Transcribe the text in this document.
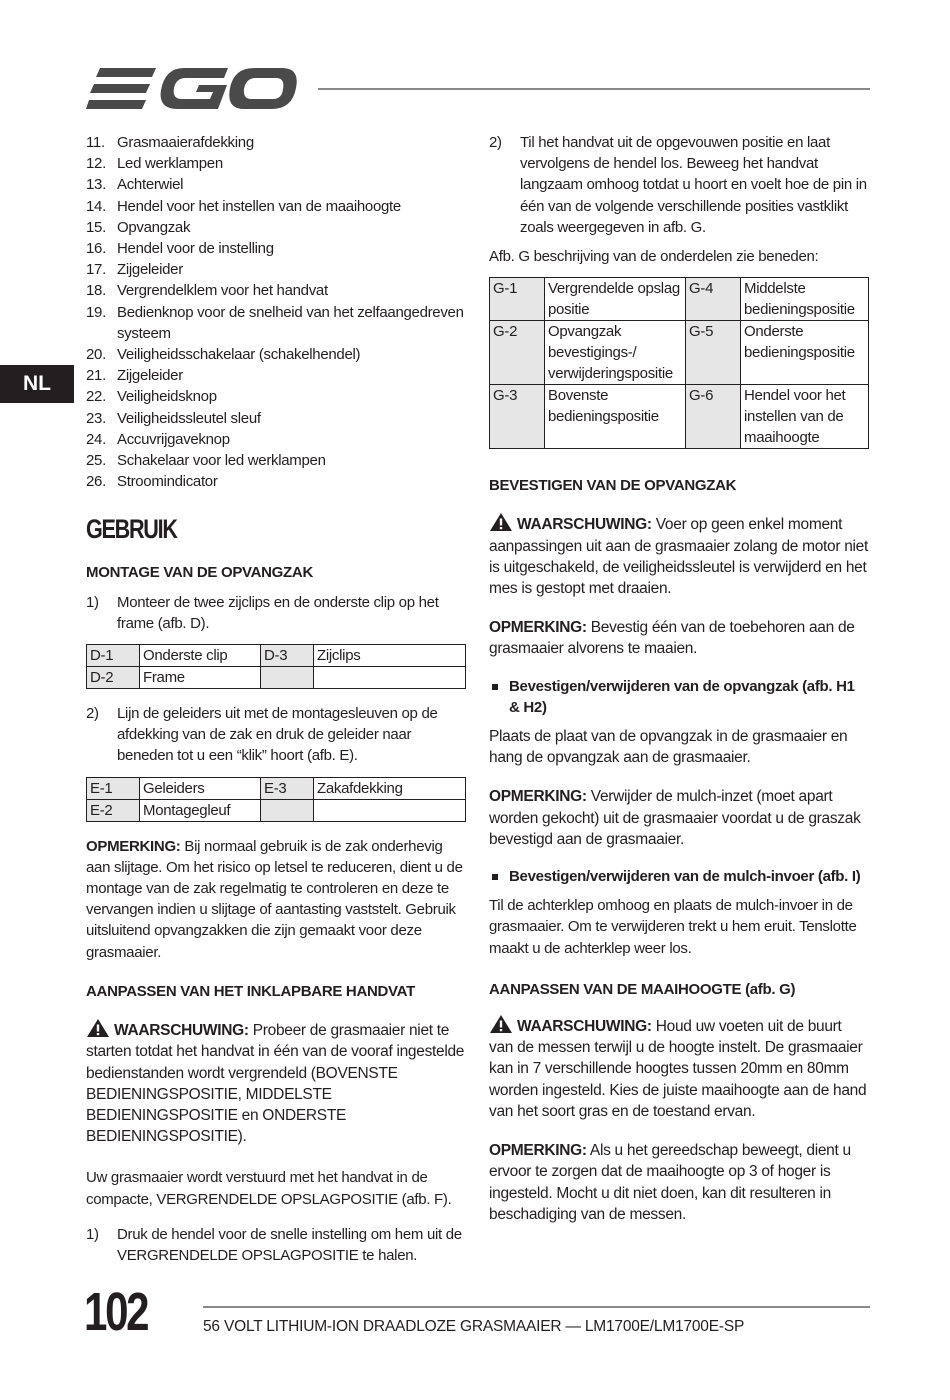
NL
11. Grasmaaierafdekking
12. Led werklampen
13. Achterwiel
14. Hendel voor het instellen van de maaihoogte
15. Opvangzak
16. Hendel voor de instelling
17. Zijgeleider
18. Vergrendelklem voor het handvat
19. Bedienknop voor de snelheid van het zelfaangedreven systeem
20. Veiligheidsschakelaar (schakelhendel)
21. Zijgeleider
22. Veiligheidsknop
23. Veiligheidssleutel sleuf
24. Accuvrijgaveknop
25. Schakelaar voor led werklampen
26. Stroomindicator
GEBRUIK
MONTAGE VAN DE OPVANGZAK
1)	Monteer de twee zijclips en de onderste clip op het frame (afb. D).
D-1	Onderste clip	D-3	Zijclips
D-2	Frame		
2)	Lijn de geleiders uit met de montagesleuven op de afdekking van de zak en druk de geleider naar beneden tot u een “klik” hoort (afb. E).
E-1	Geleiders	E-3	Zakafdekking
E-2	Montagegleuf		

OPMERKING: Bij normaal gebruik is de zak onderhevig aan slijtage. Om het risico op letsel te reduceren, dient u de montage van de zak regelmatig te controleren en deze te vervangen indien u slijtage of aantasting vaststelt. Gebruik uitsluitend opvangzakken die zijn gemaakt voor deze grasmaaier.

AANPASSEN VAN HET INKLAPBARE HANDVAT

WAARSCHUWING: Probeer de grasmaaier niet te starten totdat het handvat in één van de vooraf ingestelde bedienstanden wordt vergrendeld (BOVENSTE BEDIENINGSPOSITIE, MIDDELSTE BEDIENINGSPOSITIE en ONDERSTE BEDIENINGSPOSITIE).

Uw grasmaaier wordt verstuurd met het handvat in de compacte, VERGRENDELDE OPSLAGPOSITIE (afb. F).

1)	Druk de hendel voor de snelle instelling om hem uit de VERGRENDELDE OPSLAGPOSITIE te halen.
2)	Til het handvat uit de opgevouwen positie en laat vervolgens de hendel los. Beweeg het handvat langzaam omhoog totdat u hoort en voelt hoe de pin in één van de volgende verschillende posities vastklikt zoals weergegeven in afb. G.

Afb. G beschrijving van de onderdelen zie beneden:

G-1	Vergrendelde opslag positie	G-4	Middelste bedieningspositie
G-2	Opvangzak bevestigings-/ verwijderingspositie	G-5	Onderste bedieningspositie
G-3	Bovenste bedieningspositie	G-6	Hendel voor het instellen van de maaihoogte
BEVESTIGEN VAN DE OPVANGZAK

WAARSCHUWING: Voer op geen enkel moment aanpassingen uit aan de grasmaaier zolang de motor niet is uitgeschakeld, de veiligheidssleutel is verwijderd en het mes is gestopt met draaien.

OPMERKING: Bevestig één van de toebehoren aan de grasmaaier alvorens te maaien.

Bevestigen/verwijderen van de opvangzak (afb. H1 & H2)

Plaats de plaat van de opvangzak in de grasmaaier en hang de opvangzak aan de grasmaaier.

OPMERKING: Verwijder de mulch-inzet (moet apart worden gekocht) uit de grasmaaier voordat u de graszak bevestigd aan de grasmaaier.

Bevestigen/verwijderen van de mulch-invoer (afb. I)

Til de achterklep omhoog en plaats de mulch-invoer in de grasmaaier. Om te verwijderen trekt u hem eruit. Tenslotte maakt u de achterklep weer los.

AANPASSEN VAN DE MAAIHOOGTE (afb. G)

WAARSCHUWING: Houd uw voeten uit de buurt van de messen terwijl u de hoogte instelt. De grasmaaier kan in 7 verschillende hoogtes tussen 20mm en 80mm worden ingesteld. Kies de juiste maaihoogte aan de hand van het soort gras en de toestand ervan.

OPMERKING: Als u het gereedschap beweegt, dient u ervoor te zorgen dat de maaihoogte op 3 of hoger is ingesteld. Mocht u dit niet doen, kan dit resulteren in beschadiging van de messen.

102	56 VOLT LITHIUM-ION DRAADLOZE GRASMAAIER — LM1700E/LM1700E-SP
